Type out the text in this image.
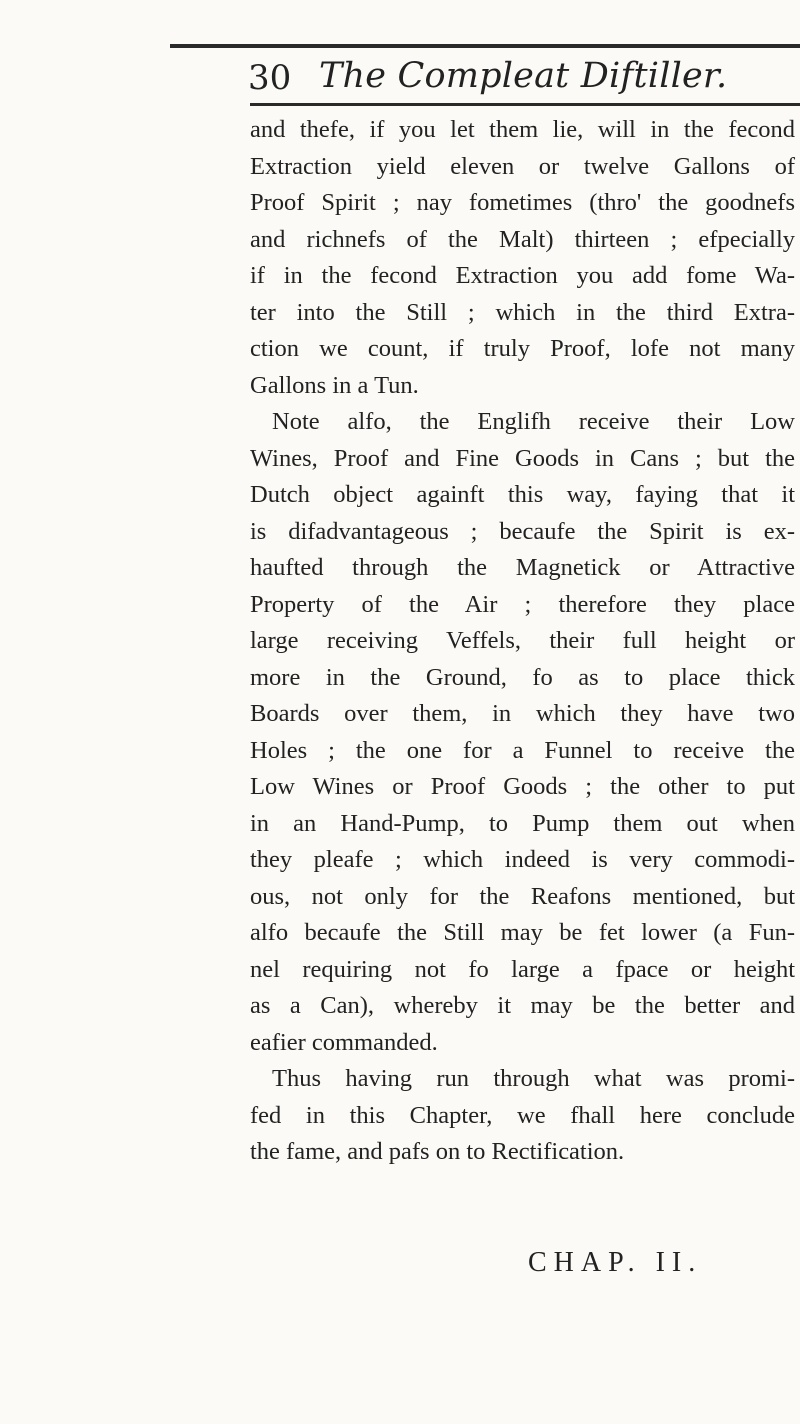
30 The Compleat Diftiller.
and thefe, if you let them lie, will in the fecond
Extraction yield eleven or twelve Gallons of
Proof Spirit ; nay fometimes (thro' the goodnefs
and richnefs of the Malt) thirteen ; efpecially
if in the fecond Extraction you add fome Wa-
ter into the Still ; which in the third Extra-
ction we count, if truly Proof, lofe not many
Gallons in a Tun.
Note alfo, the Englifh receive their Low
Wines, Proof and Fine Goods in Cans ; but the
Dutch object againft this way, faying that it
is difadvantageous ; becaufe the Spirit is ex-
haufted through the Magnetick or Attractive
Property of the Air ; therefore they place
large receiving Veffels, their full height or
more in the Ground, fo as to place thick
Boards over them, in which they have two
Holes ; the one for a Funnel to receive the
Low Wines or Proof Goods ; the other to put
in an Hand-Pump, to Pump them out when
they pleafe ; which indeed is very commodi-
ous, not only for the Reafons mentioned, but
alfo becaufe the Still may be fet lower (a Fun-
nel requiring not fo large a fpace or height
as a Can), whereby it may be the better and
eafier commanded.
Thus having run through what was promi-
fed in this Chapter, we fhall here conclude
the fame, and pafs on to Rectification.
CHAP. II.
